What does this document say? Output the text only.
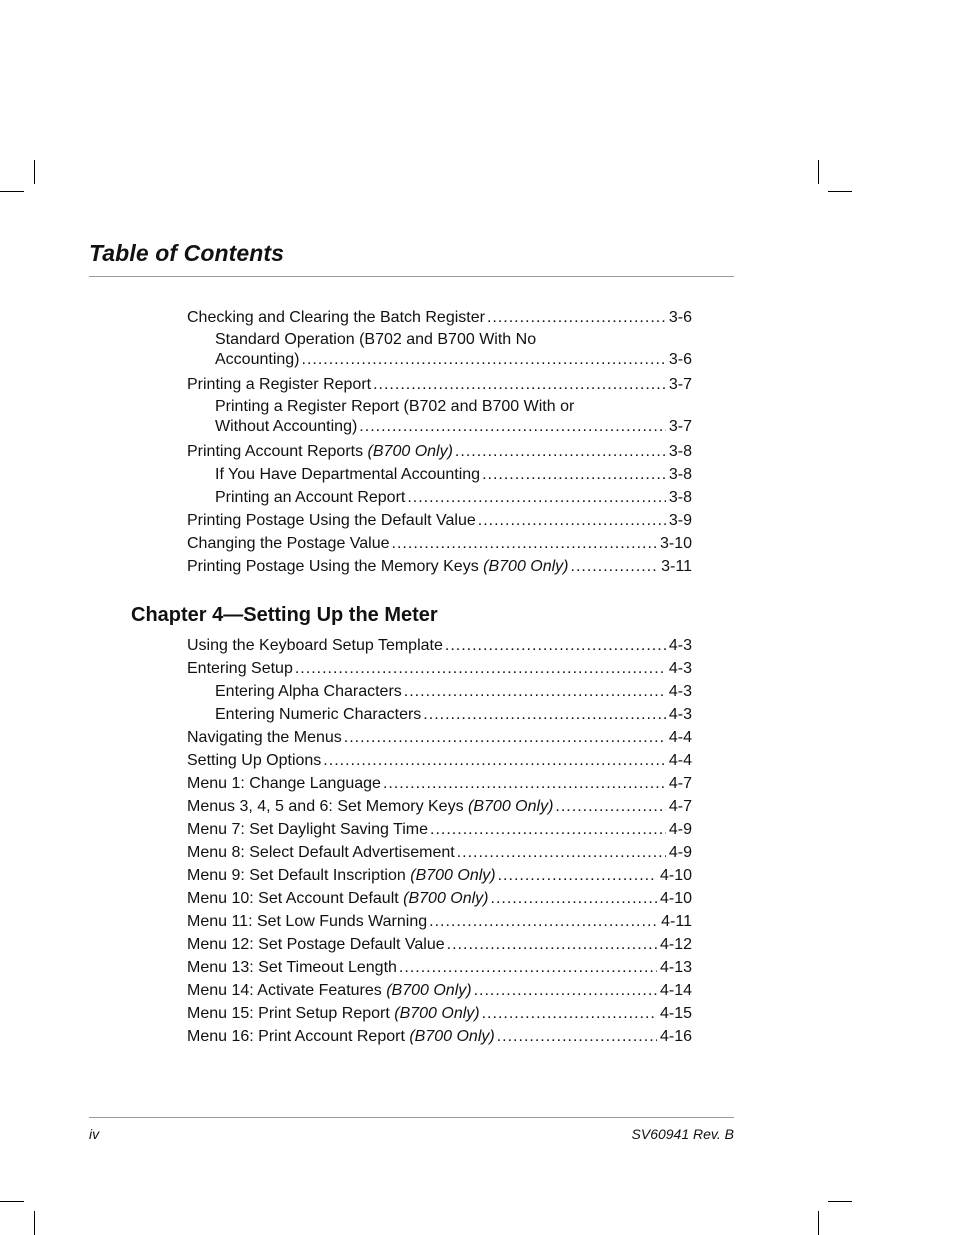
Table of Contents
Checking and Clearing the Batch Register .....	3-6
Standard Operation (B702 and B700 With No
Accounting) .....	3-6
Printing a Register Report .....	3-7
Printing a Register Report (B702 and B700 With or
Without Accounting) .....	3-7
Printing Account Reports (B700 Only) .....	3-8
If You Have Departmental Accounting .....	3-8
Printing an Account Report .....	3-8
Printing Postage Using the Default Value .....	3-9
Changing the Postage Value .....	3-10
Printing Postage Using the Memory Keys (B700 Only) .....	3-11
Chapter 4—Setting Up the Meter
Using the Keyboard Setup Template .....	4-3
Entering Setup .....	4-3
Entering Alpha Characters .....	4-3
Entering Numeric Characters .....	4-3
Navigating the Menus .....	4-4
Setting Up Options .....	4-4
Menu 1: Change Language .....	4-7
Menus 3, 4, 5 and 6: Set Memory Keys (B700 Only) .....	4-7
Menu 7: Set Daylight Saving Time .....	4-9
Menu 8: Select Default Advertisement .....	4-9
Menu 9: Set Default Inscription (B700 Only) .....	4-10
Menu 10: Set Account Default (B700 Only) .....	4-10
Menu 11: Set Low Funds Warning .....	4-11
Menu 12: Set Postage Default Value .....	4-12
Menu 13: Set Timeout Length .....	4-13
Menu 14: Activate Features (B700 Only) .....	4-14
Menu 15: Print Setup Report (B700 Only) .....	4-15
Menu 16: Print Account Report (B700 Only) .....	4-16
iv	SV60941 Rev. B
